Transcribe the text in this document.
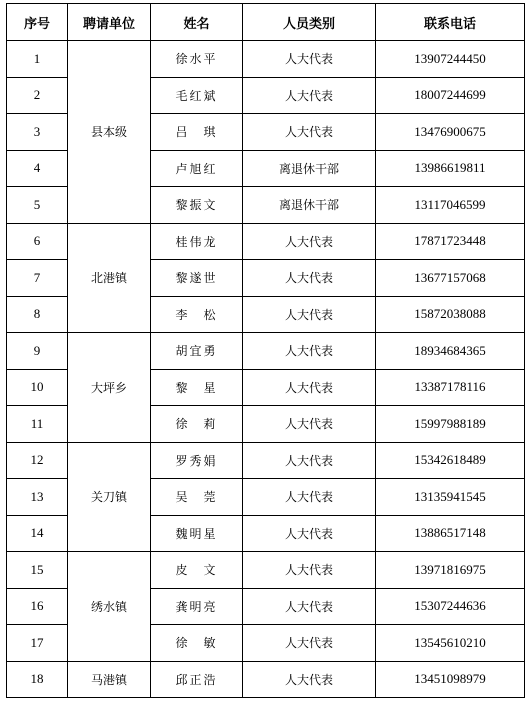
序号	聘请单位	姓名	人员类别	联系电话
1	县本级	徐水平	人大代表	13907244450
2		毛红斌	人大代表	18007244699
3		吕　琪	人大代表	13476900675
4		卢旭红	离退休干部	13986619811
5		黎振文	离退休干部	13117046599
6	北港镇	桂伟龙	人大代表	17871723448
7		黎遂世	人大代表	13677157068
8		李　松	人大代表	15872038088
9	大坪乡	胡宜勇	人大代表	18934684365
10		黎　星	人大代表	13387178116
11		徐　莉	人大代表	15997988189
12	关刀镇	罗秀娟	人大代表	15342618489
13		吴　莞	人大代表	13135941545
14		魏明星	人大代表	13886517148
15	绣水镇	皮　文	人大代表	13971816975
16		龚明亮	人大代表	15307244636
17		徐　敏	人大代表	13545610210
18	马港镇	邱正浩	人大代表	13451098979
